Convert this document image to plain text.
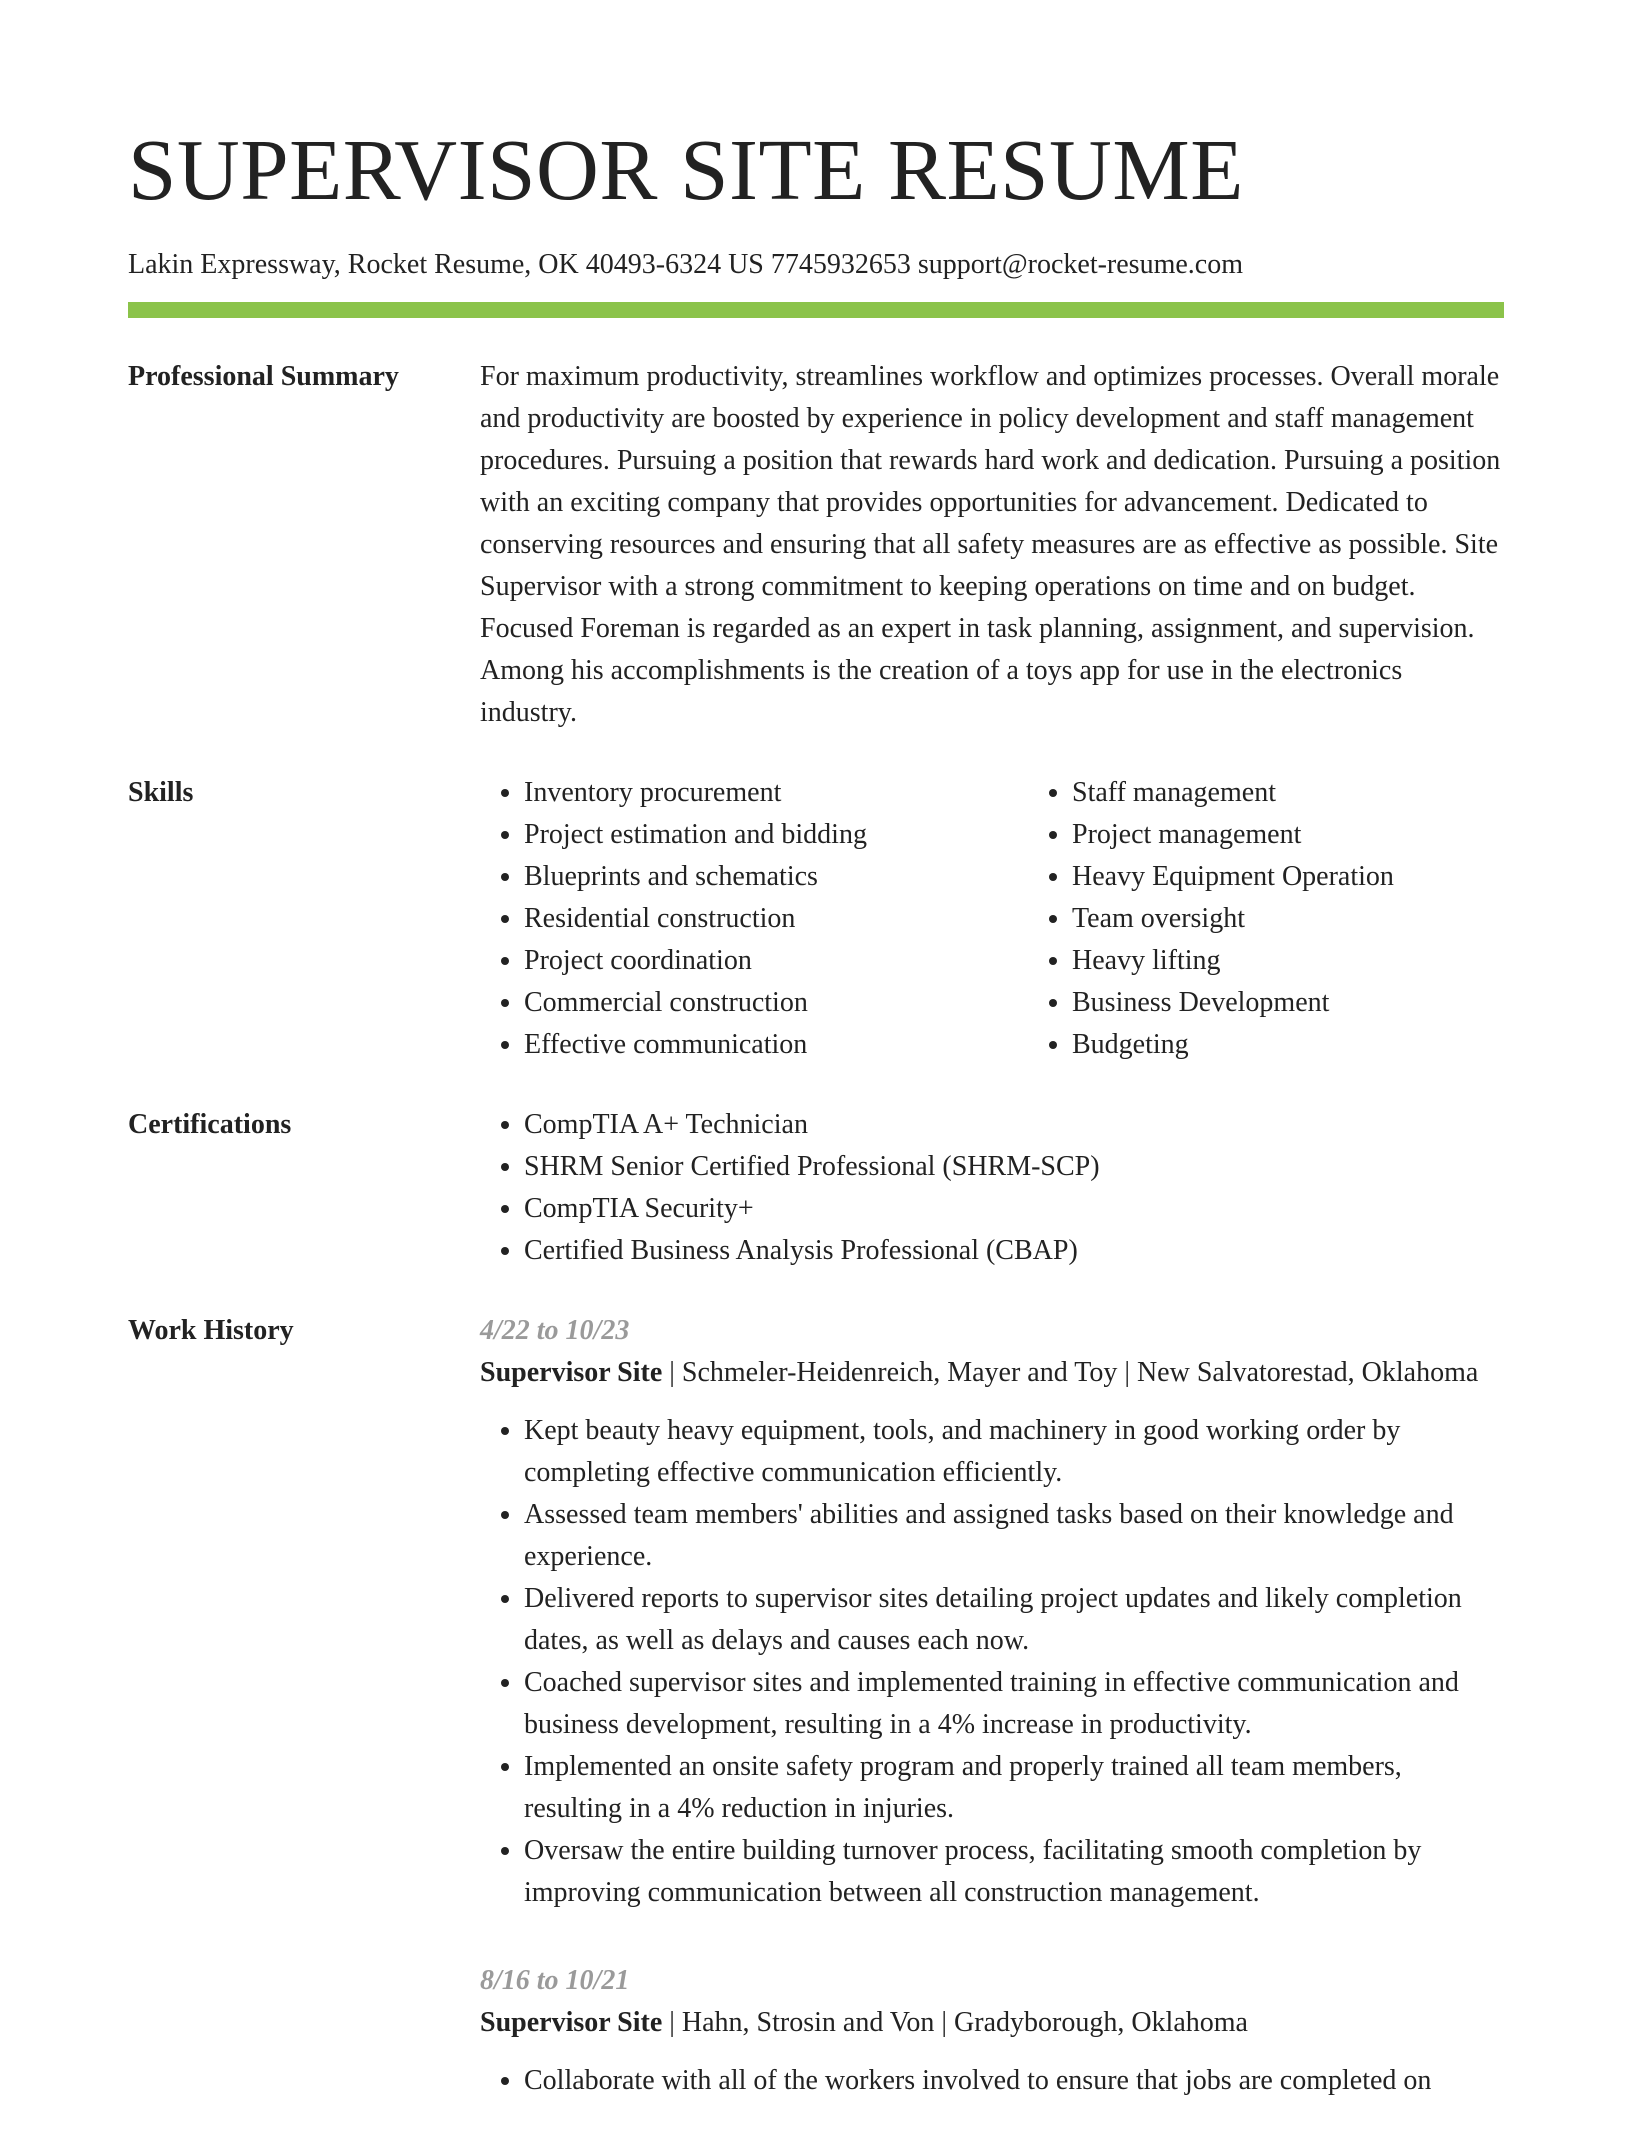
SUPERVISOR SITE RESUME
Lakin Expressway, Rocket Resume, OK 40493-6324 US 7745932653 support@rocket-resume.com
Professional Summary	For maximum productivity, streamlines workflow and optimizes processes. Overall morale and productivity are boosted by experience in policy development and staff management procedures. Pursuing a position that rewards hard work and dedication. Pursuing a position with an exciting company that provides opportunities for advancement. Dedicated to conserving resources and ensuring that all safety measures are as effective as possible. Site Supervisor with a strong commitment to keeping operations on time and on budget. Focused Foreman is regarded as an expert in task planning, assignment, and supervision. Among his accomplishments is the creation of a toys app for use in the electronics industry.

Skills	• Inventory procurement
• Project estimation and bidding
• Blueprints and schematics
• Residential construction
• Project coordination
• Commercial construction
• Effective communication
• Staff management
• Project management
• Heavy Equipment Operation
• Team oversight
• Heavy lifting
• Business Development
• Budgeting
Certifications	• CompTIA A+ Technician
• SHRM Senior Certified Professional (SHRM-SCP)
• CompTIA Security+
• Certified Business Analysis Professional (CBAP)
Work History	4/22 to 10/23
Supervisor Site | Schmeler-Heidenreich, Mayer and Toy | New Salvatorestad, Oklahoma
• Kept beauty heavy equipment, tools, and machinery in good working order by completing effective communication efficiently.
• Assessed team members' abilities and assigned tasks based on their knowledge and experience.
• Delivered reports to supervisor sites detailing project updates and likely completion dates, as well as delays and causes each now.
• Coached supervisor sites and implemented training in effective communication and business development, resulting in a 4% increase in productivity.
• Implemented an onsite safety program and properly trained all team members, resulting in a 4% reduction in injuries.
• Oversaw the entire building turnover process, facilitating smooth completion by improving communication between all construction management.
8/16 to 10/21
Supervisor Site | Hahn, Strosin and Von | Gradyborough, Oklahoma
• Collaborate with all of the workers involved to ensure that jobs are completed on
